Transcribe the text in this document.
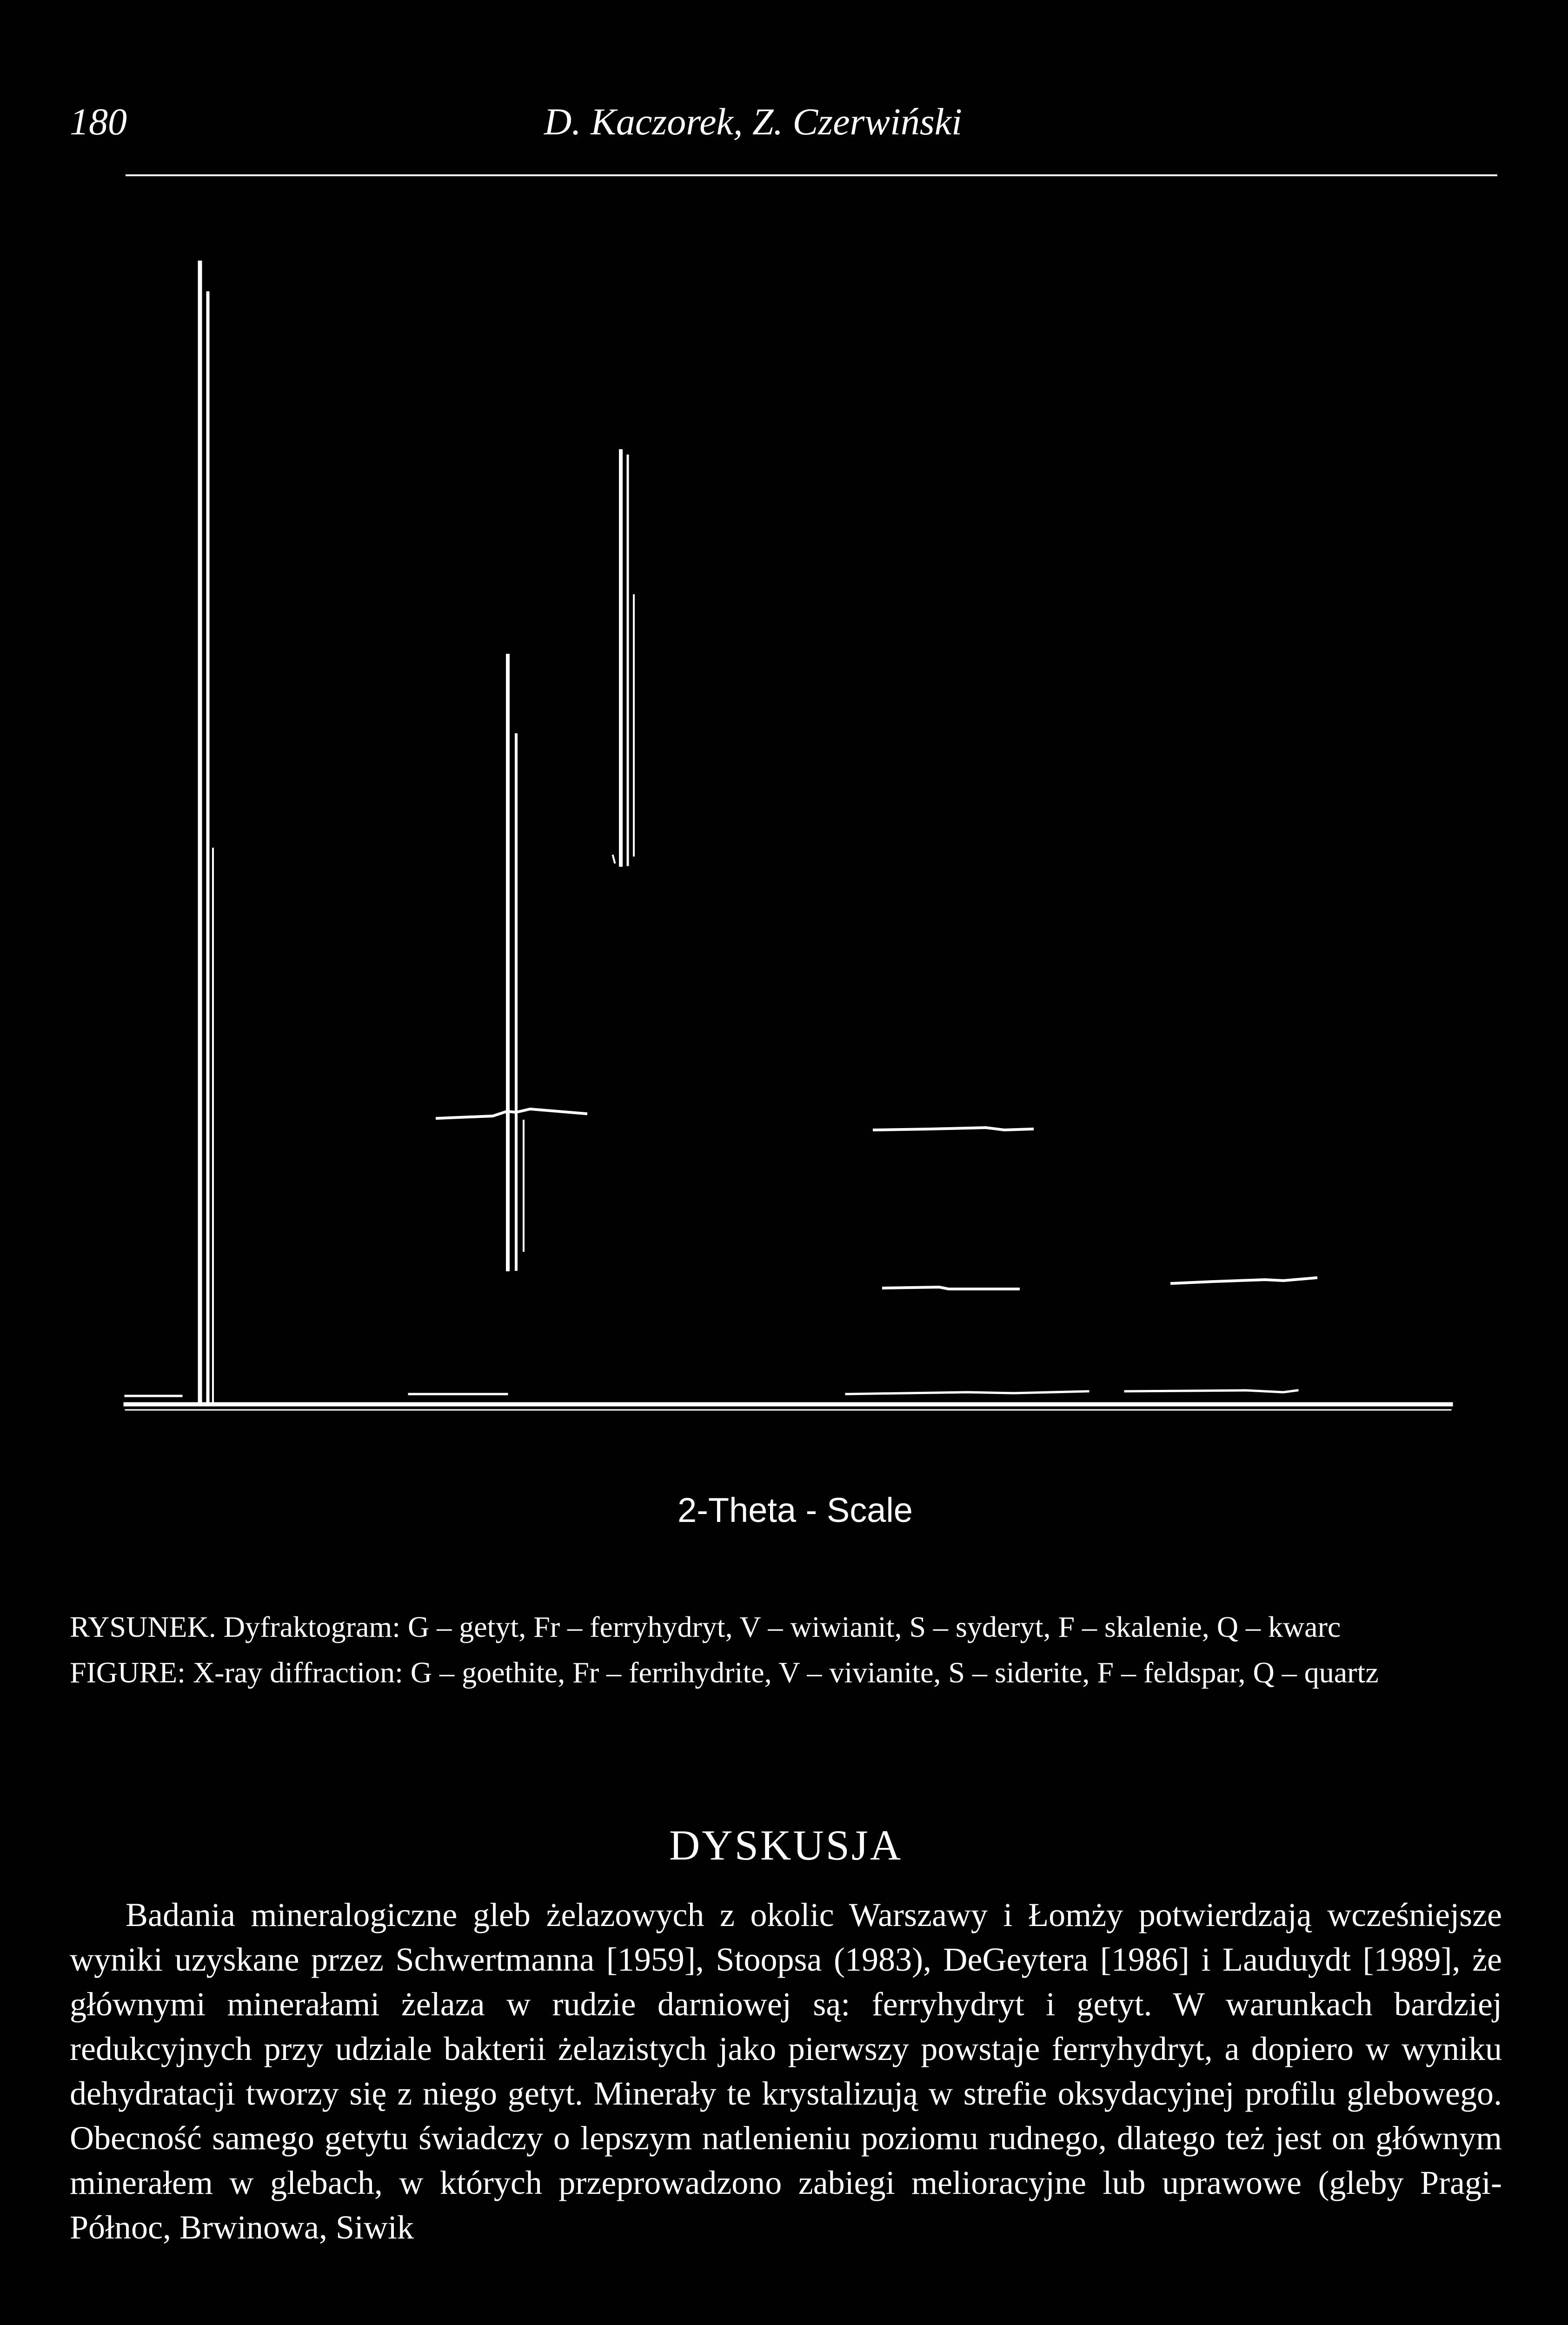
180	D. Kaczorek, Z. Czerwiński
2-Theta - Scale

RYSUNEK. Dyfraktogram: G – getyt, Fr – ferryhydryt, V – wiwianit, S – syderyt, F – skalenie, Q – kwarc

FIGURE: X-ray diffraction: G – goethite, Fr – ferrihydrite, V – vivianite, S – siderite, F – feldspar, Q – quartz

DYSKUSJA

Badania mineralogiczne gleb żelazowych z okolic Warszawy i Łomży potwierdzają wcześniejsze wyniki uzyskane przez Schwertmanna [1959], Stoopsa (1983), DeGeytera [1986] i Lauduydt [1989], że głównymi minerałami żelaza w rudzie darniowej są: ferryhydryt i getyt. W warunkach bardziej redukcyjnych przy udziale bakterii żelazistych jako pierwszy powstaje ferryhydryt, a dopiero w wyniku dehydratacji tworzy się z niego getyt. Minerały te krystalizują w strefie oksydacyjnej profilu glebowego. Obecność samego getytu świadczy o lepszym natlenieniu poziomu rudnego, dlatego też jest on głównym minerałem w glebach, w których przeprowadzono zabiegi melioracyjne lub uprawowe (gleby Pragi-Północ, Brwinowa, Siwik
